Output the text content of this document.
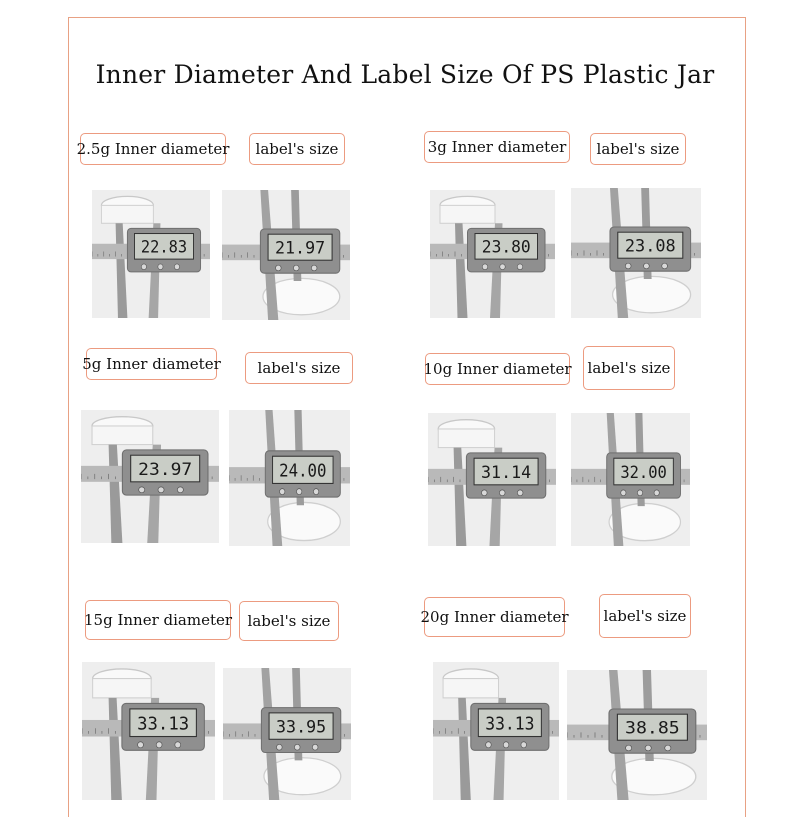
Inner Diameter And Label Size Of PS Plastic Jar
2.5g Inner diameter	label's size
22.83	21.97
3g Inner diameter	label's size
23.80	23.08
5g Inner diameter	label's size
23.97	24.00
10g Inner diameter	label's size
31.14	32.00
15g Inner diameter	label's size
33.13	33.95
20g Inner diameter	label's size
33.13	38.85
